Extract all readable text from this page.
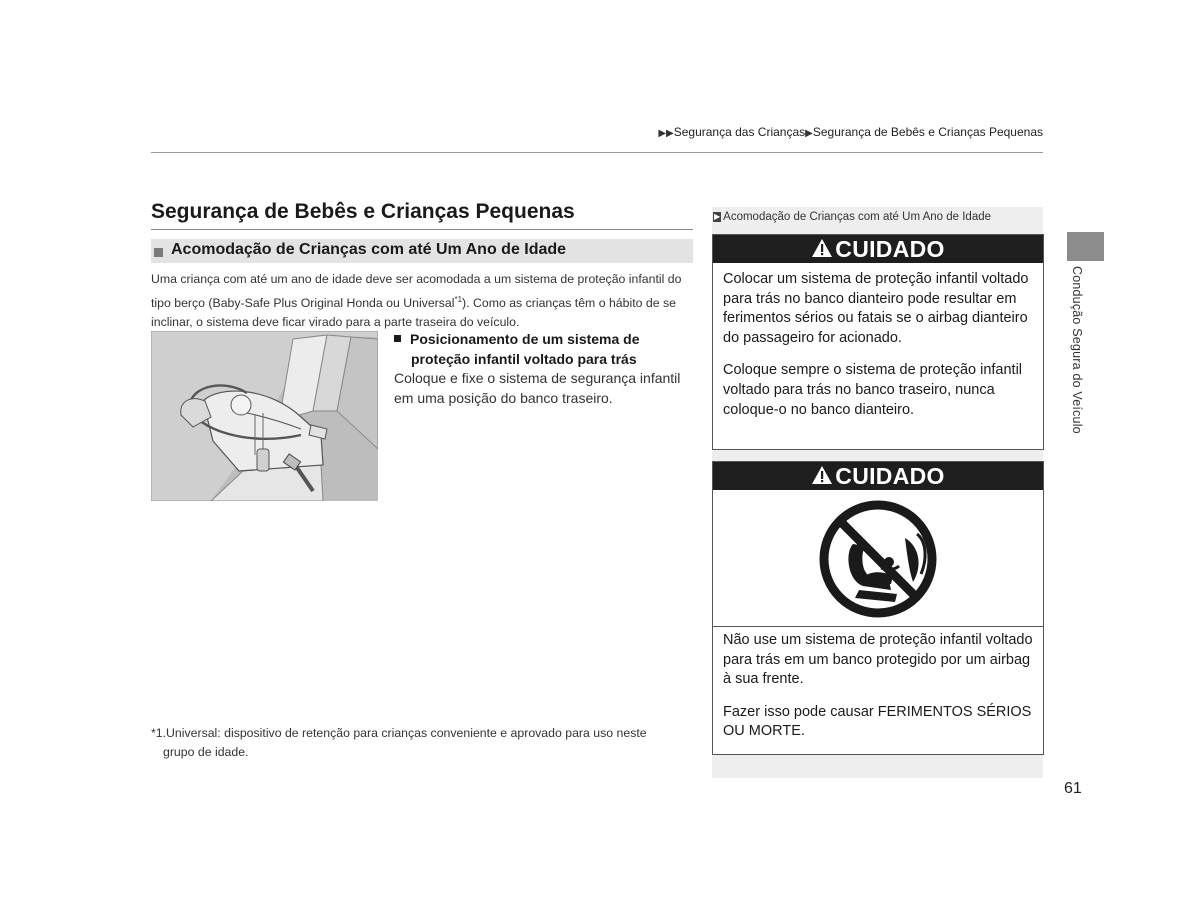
▶▶Segurança das Crianças▶Segurança de Bebês e Crianças Pequenas
Segurança de Bebês e Crianças Pequenas
Acomodação de Crianças com até Um Ano de Idade
Uma criança com até um ano de idade deve ser acomodada a um sistema de proteção infantil do tipo berço (Baby-Safe Plus Original Honda ou Universal$^{*1}$). Como as crianças têm o hábito de se inclinar, o sistema deve ficar virado para a parte traseira do veículo.
Posicionamento de um sistema de
proteção infantil voltado para trás
Coloque e fixe o sistema de segurança infantil em uma posição do banco traseiro.
*1.Universal: dispositivo de retenção para crianças conveniente e aprovado para uso neste
grupo de idade.
▶ Acomodação de Crianças com até Um Ano de Idade
CUIDADO

Colocar um sistema de proteção infantil voltado para trás no banco dianteiro pode resultar em ferimentos sérios ou fatais se o airbag dianteiro do passageiro for acionado.

Coloque sempre o sistema de proteção infantil voltado para trás no banco traseiro, nunca coloque-o no banco dianteiro.

CUIDADO

Não use um sistema de proteção infantil voltado para trás em um banco protegido por um airbag à sua frente.

Fazer isso pode causar FERIMENTOS SÉRIOS OU MORTE.

Condução Segura do Veículo
61
